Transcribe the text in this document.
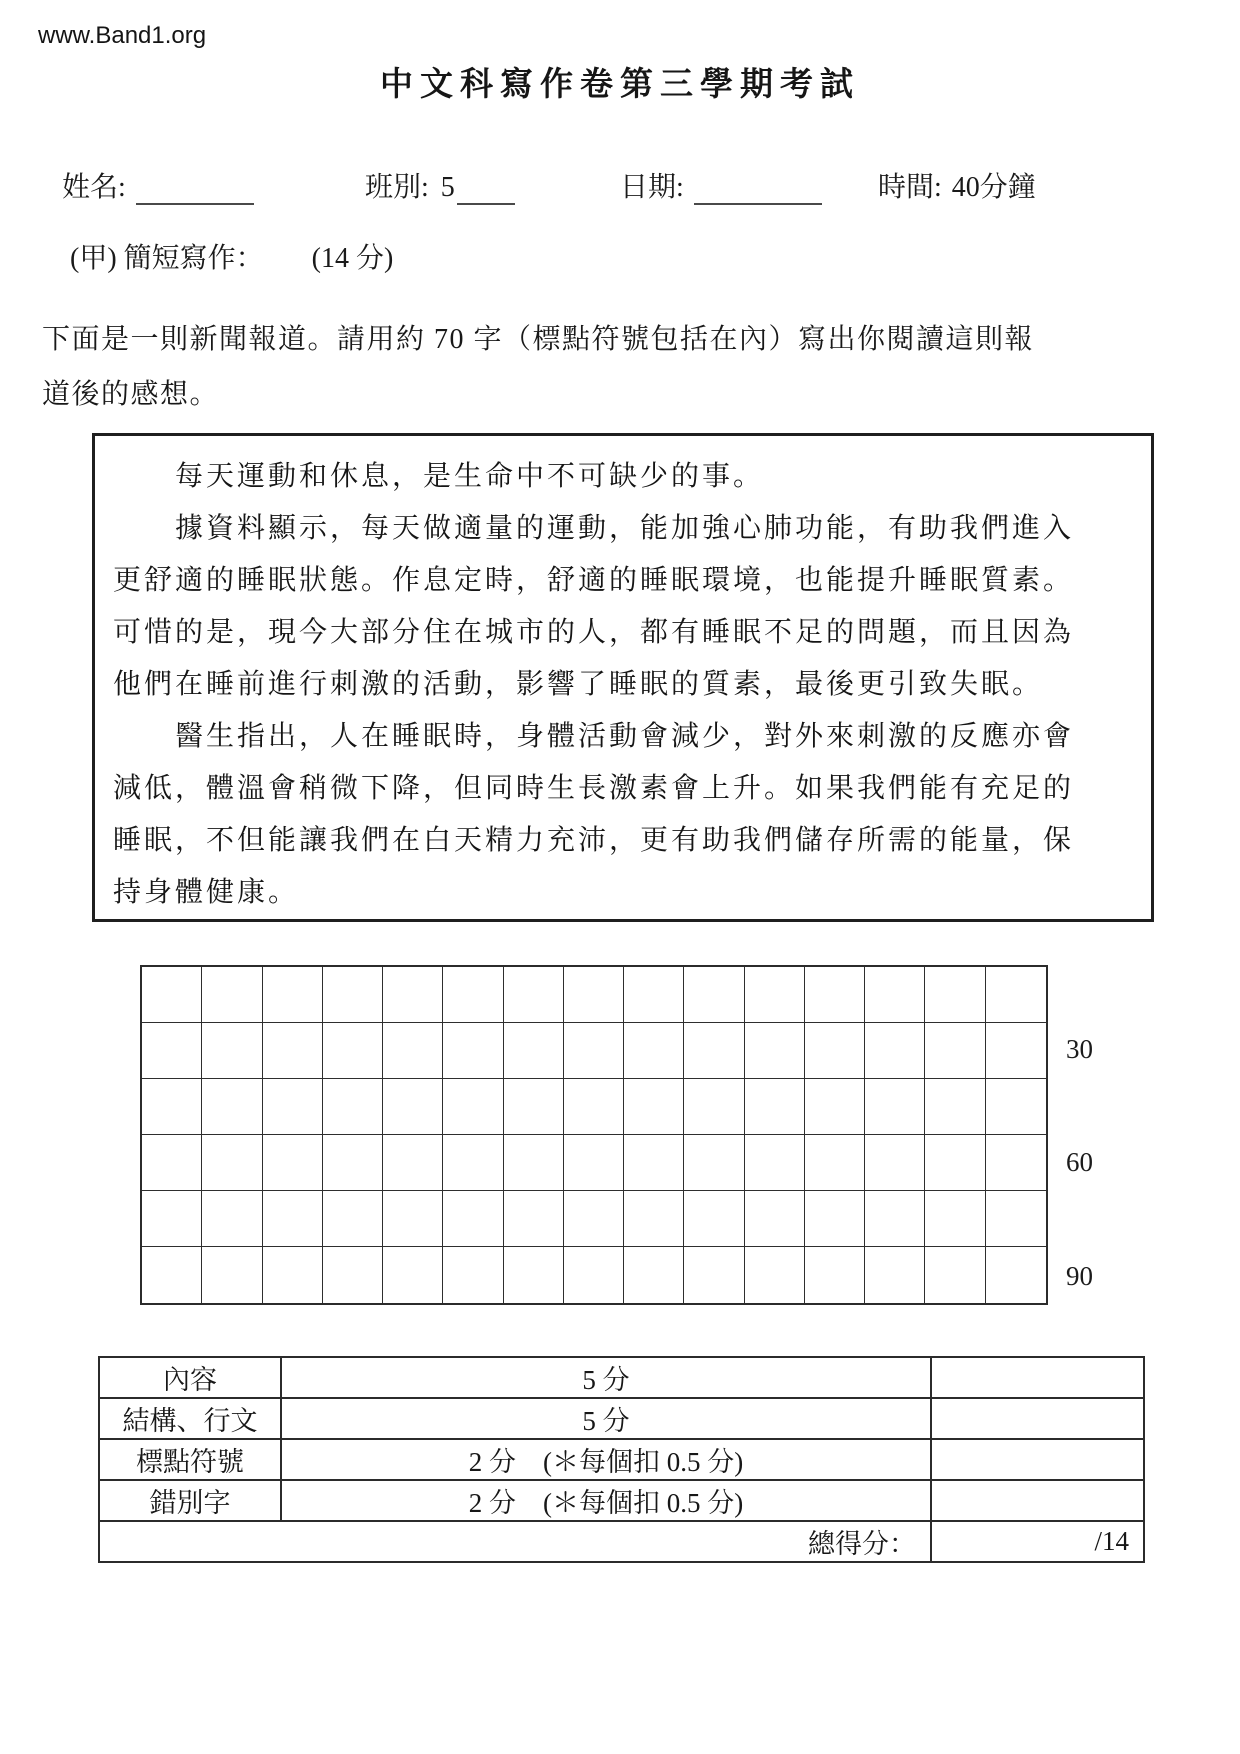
www.Band1.org
中文科寫作卷第三學期考試
姓名:	班別: 5	日期:	時間: 40分鐘
(甲) 簡短寫作： (14 分)
下面是一則新聞報道。請用約 70 字（標點符號包括在內）寫出你閱讀這則報
道後的感想。
　　每天運動和休息，是生命中不可缺少的事。
　　據資料顯示，每天做適量的運動，能加強心肺功能，有助我們進入
更舒適的睡眠狀態。作息定時，舒適的睡眠環境，也能提升睡眠質素。
可惜的是，現今大部分住在城市的人，都有睡眠不足的問題，而且因為
他們在睡前進行刺激的活動，影響了睡眠的質素，最後更引致失眠。
　　醫生指出，人在睡眠時，身體活動會減少，對外來刺激的反應亦會
減低，體溫會稍微下降，但同時生長激素會上升。如果我們能有充足的
睡眠，不但能讓我們在白天精力充沛，更有助我們儲存所需的能量，保
持身體健康。
30
60
90
內容	5 分	
結構、行文	5 分	
標點符號	2 分　(＊每個扣 0.5 分)	
錯別字	2 分　(＊每個扣 0.5 分)	
總得分：		/14
